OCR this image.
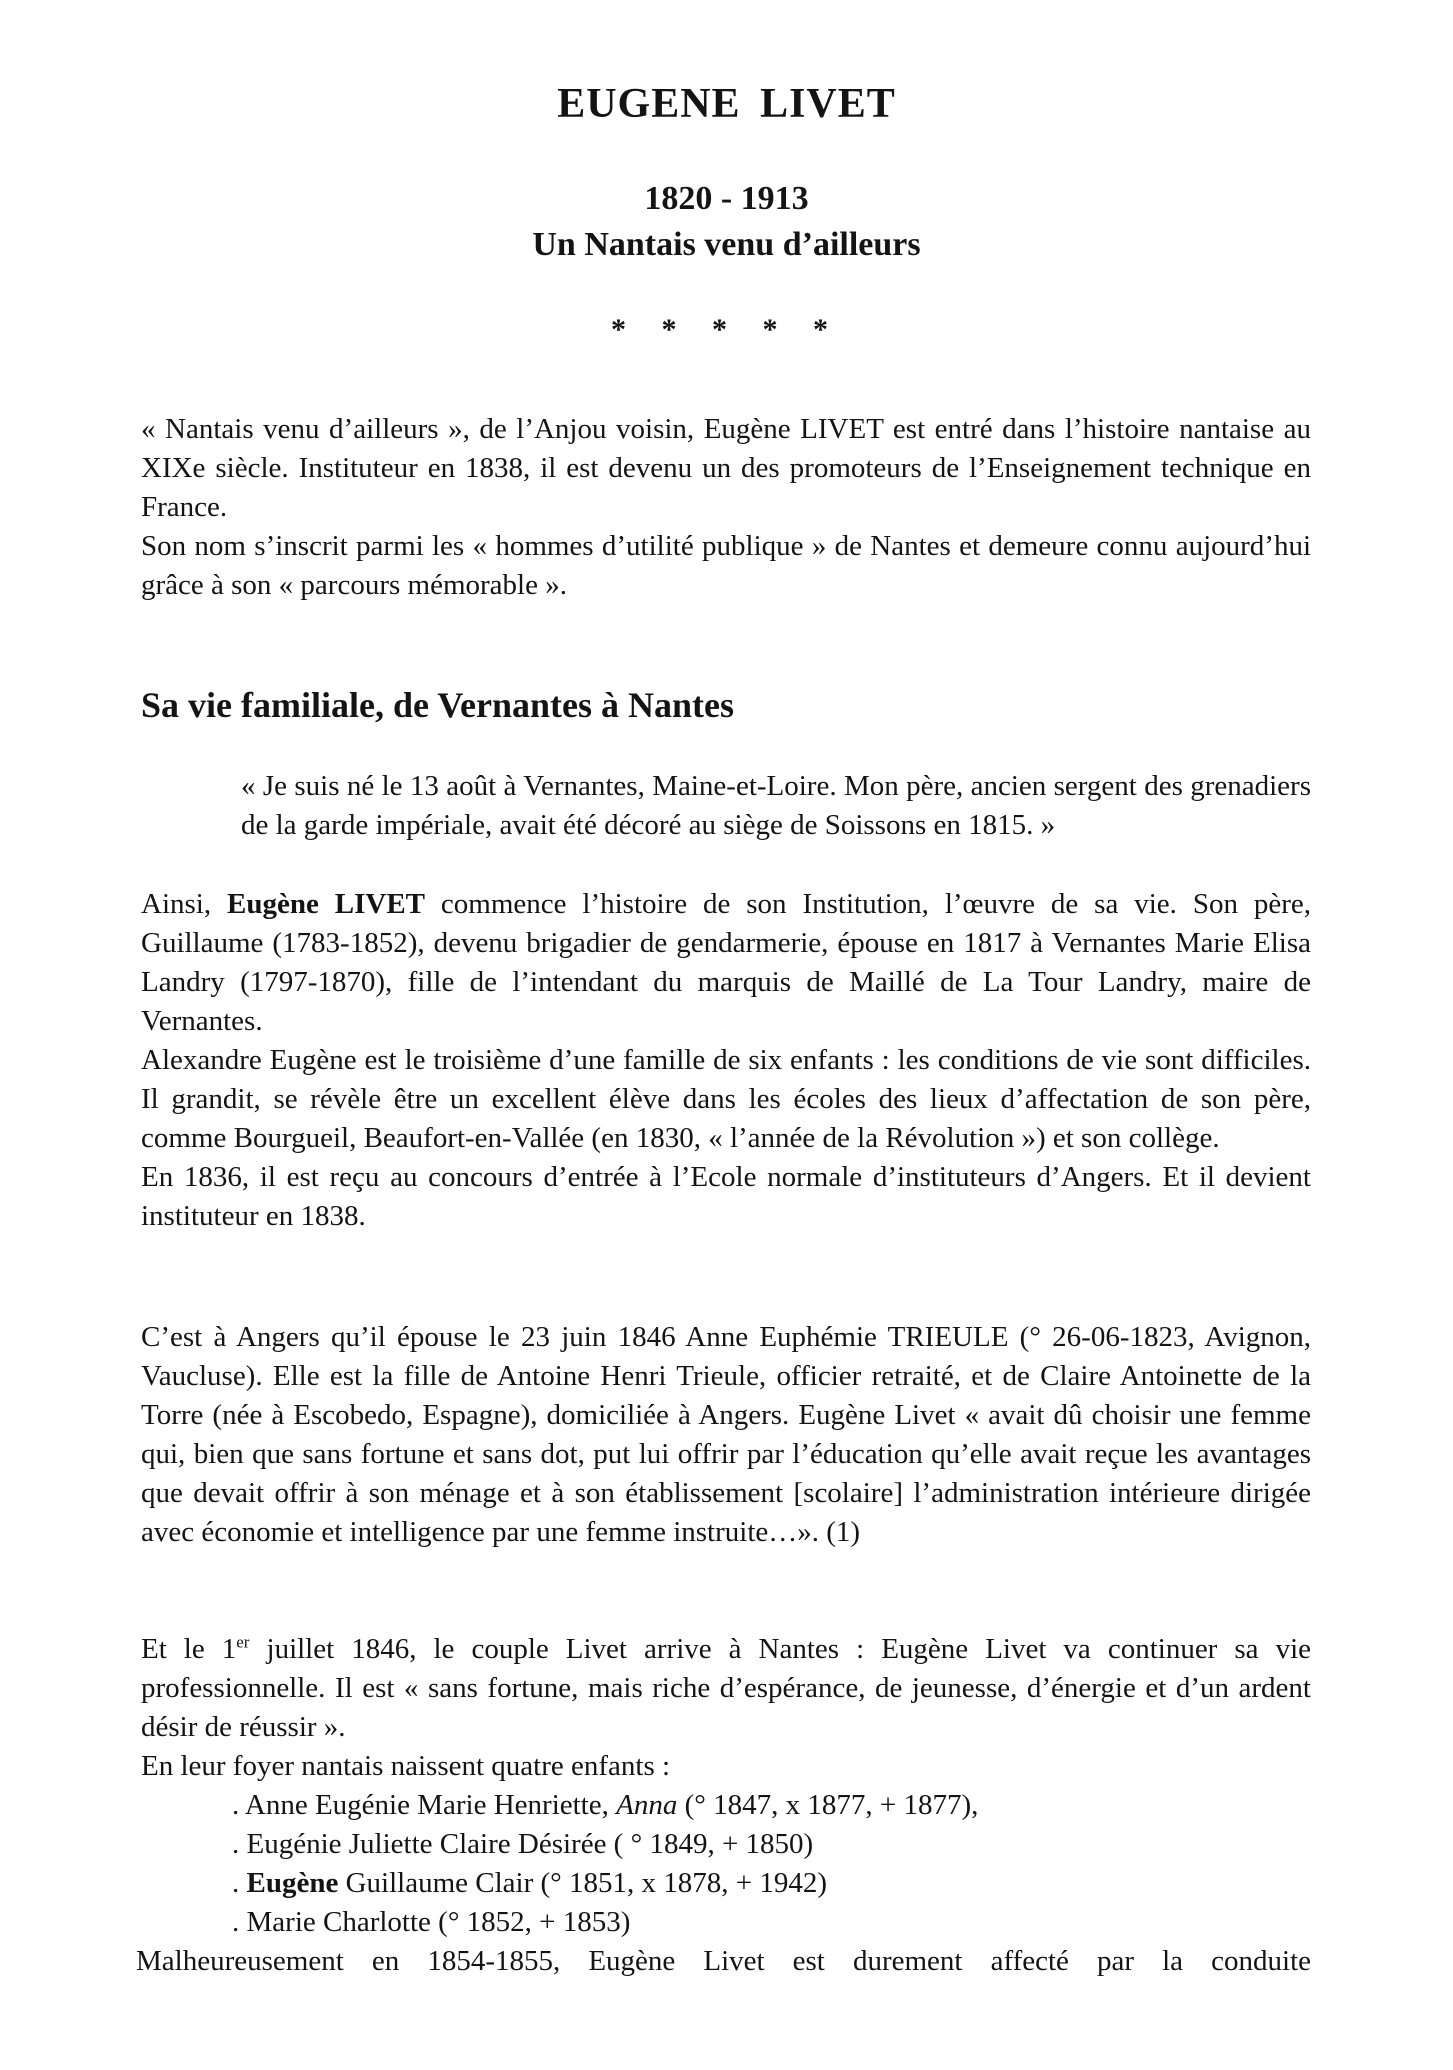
EUGENE LIVET
1820 - 1913
Un Nantais venu d’ailleurs
* * * * *

« Nantais venu d’ailleurs », de l’Anjou voisin, Eugène LIVET est entré dans l’histoire nantaise au XIXe siècle. Instituteur en 1838, il est devenu un des promoteurs de l’Enseignement technique en France.

Son nom s’inscrit parmi les « hommes d’utilité publique » de Nantes et demeure connu aujourd’hui grâce à son « parcours mémorable ».

Sa vie familiale, de Vernantes à Nantes

« Je suis né le 13 août à Vernantes, Maine-et-Loire. Mon père, ancien sergent des grenadiers de la garde impériale, avait été décoré au siège de Soissons en 1815. »

Ainsi, Eugène LIVET commence l’histoire de son Institution, l’œuvre de sa vie. Son père, Guillaume (1783-1852), devenu brigadier de gendarmerie, épouse en 1817 à Vernantes Marie Elisa Landry (1797-1870), fille de l’intendant du marquis de Maillé de La Tour Landry, maire de Vernantes.

Alexandre Eugène est le troisième d’une famille de six enfants : les conditions de vie sont difficiles. Il grandit, se révèle être un excellent élève dans les écoles des lieux d’affectation de son père, comme Bourgueil, Beaufort-en-Vallée (en 1830, « l’année de la Révolution ») et son collège.

En 1836, il est reçu au concours d’entrée à l’Ecole normale d’instituteurs d’Angers. Et il devient instituteur en 1838.

C’est à Angers qu’il épouse le 23 juin 1846 Anne Euphémie TRIEULE (° 26-06-1823, Avignon, Vaucluse). Elle est la fille de Antoine Henri Trieule, officier retraité, et de Claire Antoinette de la Torre (née à Escobedo, Espagne), domiciliée à Angers. Eugène Livet « avait dû choisir une femme qui, bien que sans fortune et sans dot, put lui offrir par l’éducation qu’elle avait reçue les avantages que devait offrir à son ménage et à son établissement [scolaire] l’administration intérieure dirigée avec économie et intelligence par une femme instruite…». (1)

Et le 1er juillet 1846, le couple Livet arrive à Nantes : Eugène Livet va continuer sa vie professionnelle. Il est « sans fortune, mais riche d’espérance, de jeunesse, d’énergie et d’un ardent désir de réussir ».

En leur foyer nantais naissent quatre enfants :

. Anne Eugénie Marie Henriette, Anna (° 1847, x 1877, + 1877),

. Eugénie Juliette Claire Désirée ( ° 1849, + 1850)

. Eugène Guillaume Clair (° 1851, x 1878, + 1942)

. Marie Charlotte (° 1852, + 1853)

Malheureusement en 1854-1855, Eugène Livet est durement affecté par la conduite
